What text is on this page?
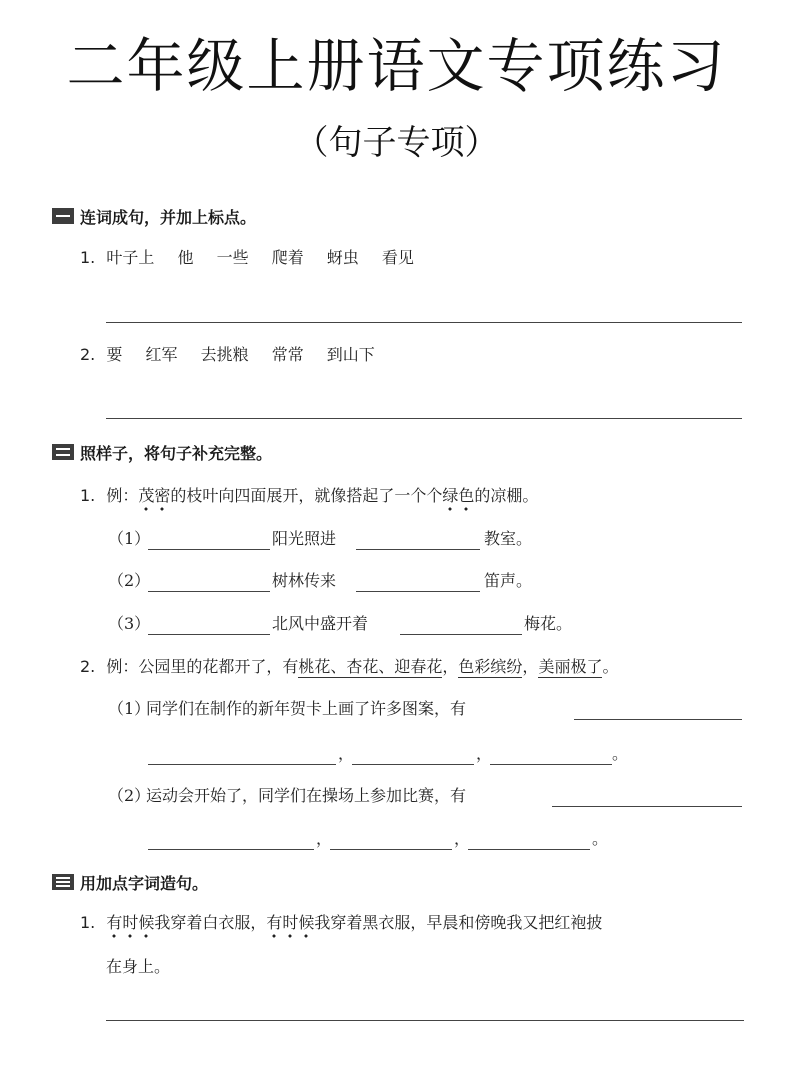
二年级上册语文专项练习
（句子专项）
连词成句，并加上标点。
1. 叶子上 他 一些 爬着 蚜虫 看见
2. 要 红军 去挑粮 常常 到山下
照样子，将句子补充完整。
1. 例：茂密的枝叶向四面展开，就像搭起了一个个绿色的凉棚。
（1）	阳光照进	教室。
（2）	树林传来	笛声。
（3）	北风中盛开着	梅花。
2. 例：公园里的花都开了，有桃花、杏花、迎春花，色彩缤纷，美丽极了。
（1）
同学们在制作的新年贺卡上画了许多图案，有
，	，	。
（2）
运动会开始了，同学们在操场上参加比赛，有
，	，	。
用加点字词造句。
1. 有时候我穿着白衣服，有时候我穿着黑衣服，早晨和傍晚我又把红袍披
在身上。
